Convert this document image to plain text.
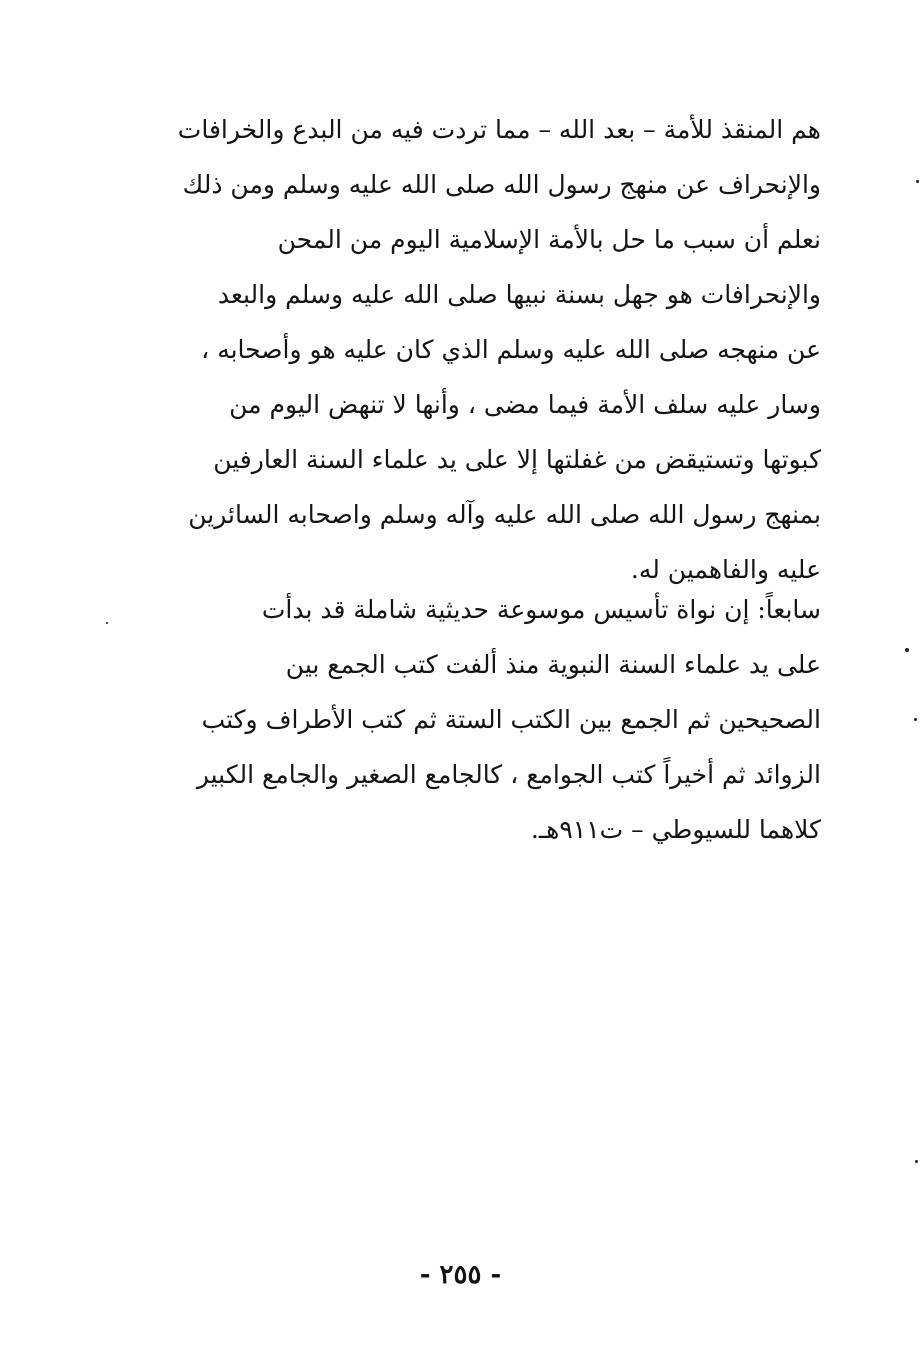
هم المنقذ للأمة – بعد الله – مما تردت فيه من البدع والخرافات
والإنحراف عن منهج رسول الله صلى الله عليه وسلم ومن ذلك
نعلم أن سبب ما حل بالأمة الإسلامية اليوم من المحن
والإنحرافات هو جهل بسنة نبيها صلى الله عليه وسلم والبعد
عن منهجه صلى الله عليه وسلم الذي كان عليه هو وأصحابه ،
وسار عليه سلف الأمة فيما مضى ، وأنها لا تنهض اليوم من
كبوتها وتستيقض من غفلتها إلا على يد علماء السنة العارفين
بمنهج رسول الله صلى الله عليه وآله وسلم واصحابه السائرين
عليه والفاهمين له.
سابعاً: إن نواة تأسيس موسوعة حديثية شاملة قد بدأت
على يد علماء السنة النبوية منذ ألفت كتب الجمع بين
الصحيحين ثم الجمع بين الكتب الستة ثم كتب الأطراف وكتب
الزوائد ثم أخيراً كتب الجوامع ، كالجامع الصغير والجامع الكبير
كلاهما للسيوطي – ت٩١١هـ.
- ٢٥٥ -
